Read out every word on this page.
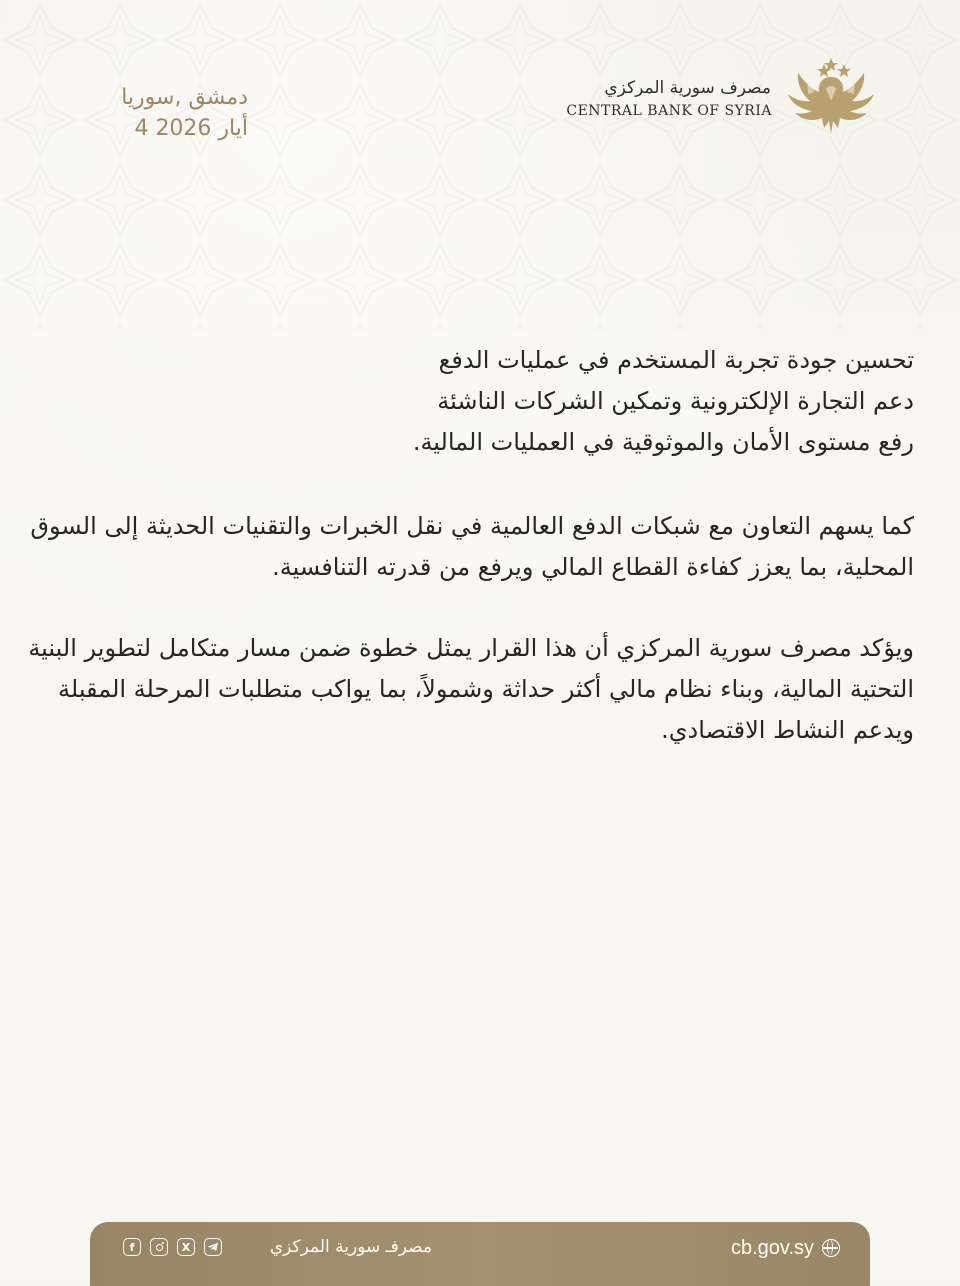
دمشق ,سوريا
4 أيار 2026
مصرف سورية المركزي
CENTRAL BANK OF SYRIA
تحسين جودة تجربة المستخدم في عمليات الدفع
دعم التجارة الإلكترونية وتمكين الشركات الناشئة
رفع مستوى الأمان والموثوقية في العمليات المالية.
كما يسهم التعاون مع شبكات الدفع العالمية في نقل الخبرات والتقنيات الحديثة إلى السوق
المحلية، بما يعزز كفاءة القطاع المالي ويرفع من قدرته التنافسية.
ويؤكد مصرف سورية المركزي أن هذا القرار يمثل خطوة ضمن مسار متكامل لتطوير البنية
التحتية المالية، وبناء نظام مالي أكثر حداثة وشمولاً، بما يواكب متطلبات المرحلة المقبلة
ويدعم النشاط الاقتصادي.
f	X	مصرفـ سورية المركزي	cb.gov.sy
